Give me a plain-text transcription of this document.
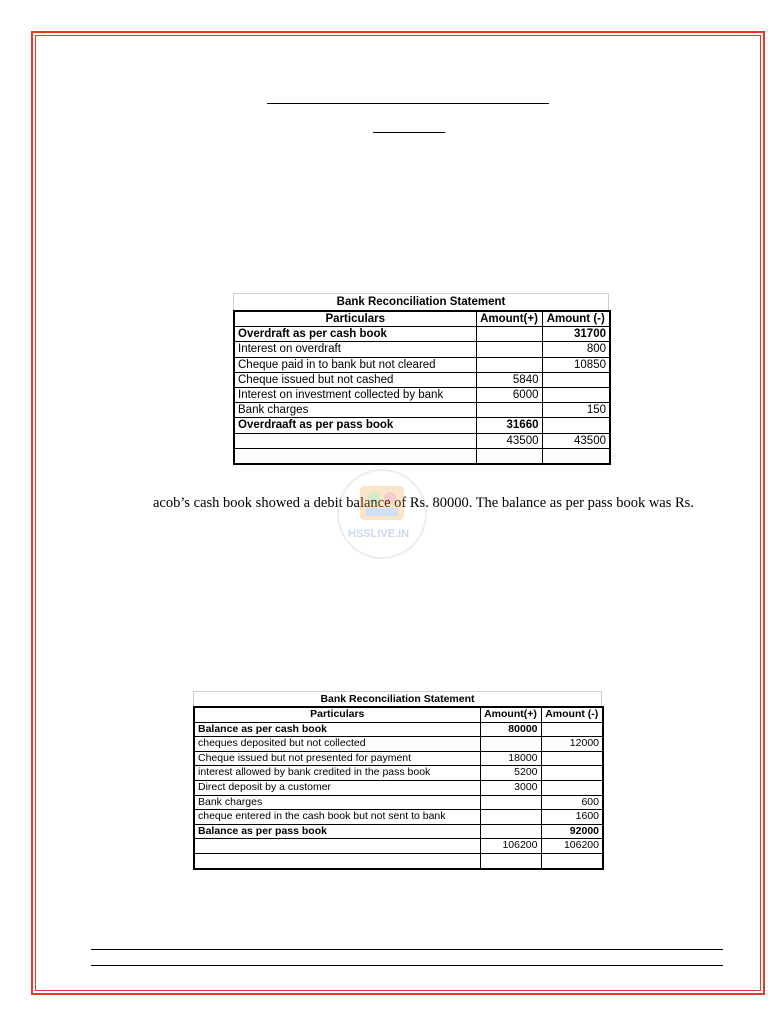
Bank Reconciliation Statement
Particulars	Amount(+)	Amount (-)
Overdraft as per cash book		31700
Interest on overdraft		800
Cheque paid in to bank but not cleared		10850
Cheque issued but not cashed	5840	
Interest on investment collected by bank	6000	
Bank charges		150
Overdraaft as per pass book	31660	
	43500	43500

acob’s cash book showed a debit balance of Rs. 80000. The balance as per pass book was Rs.
HSSLIVE.IN
Bank Reconciliation Statement
Particulars	Amount(+)	Amount (-)
Balance as per cash book	80000	
cheques deposited but not collected		12000
Cheque issued but not presented for payment	18000	
interest allowed by bank credited in the pass book	5200	
Direct deposit by a customer	3000	
Bank charges		600
cheque entered in the cash book but not sent to bank		1600
Balance as per pass book		92000
	106200	106200
